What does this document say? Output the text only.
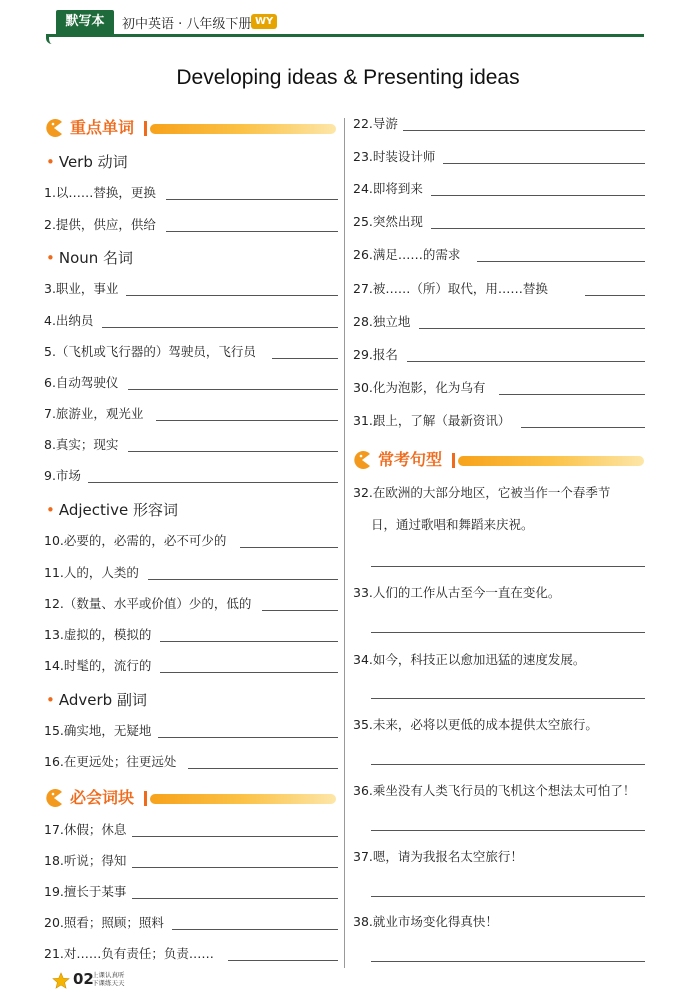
默写本	初中英语 · 八年级下册 WY
Developing ideas & Presenting ideas
重点单词
• Verb 动词
1.以……替换，更换
2.提供，供应，供给
• Noun 名词
3.职业，事业
4.出纳员
5.（飞机或飞行器的）驾驶员，飞行员
6.自动驾驶仪
7.旅游业，观光业
8.真实；现实
9.市场
• Adjective 形容词
10.必要的，必需的，必不可少的
11.人的，人类的
12.（数量、水平或价值）少的，低的
13.虚拟的，模拟的
14.时髦的，流行的
• Adverb 副词
15.确实地，无疑地
16.在更远处；往更远处
必会词块
17.休假；休息
18.听说；得知
19.擅长于某事
20.照看；照顾；照料
21.对……负有责任；负责……
22.导游
23.时装设计师
24.即将到来
25.突然出现
26.满足……的需求
27.被……（所）取代，用……替换
28.独立地
29.报名
30.化为泡影，化为乌有
31.跟上，了解（最新资讯）
常考句型
32.在欧洲的大部分地区，它被当作一个春季节
日，通过歌唱和舞蹈来庆祝。
33.人们的工作从古至今一直在变化。
34.如今，科技正以愈加迅猛的速度发展。
35.未来，必将以更低的成本提供太空旅行。
36.乘坐没有人类飞行员的飞机这个想法太可怕了！
37.嗯，请为我报名太空旅行！
38.就业市场变化得真快！
02
上课认真听
下课练天天
